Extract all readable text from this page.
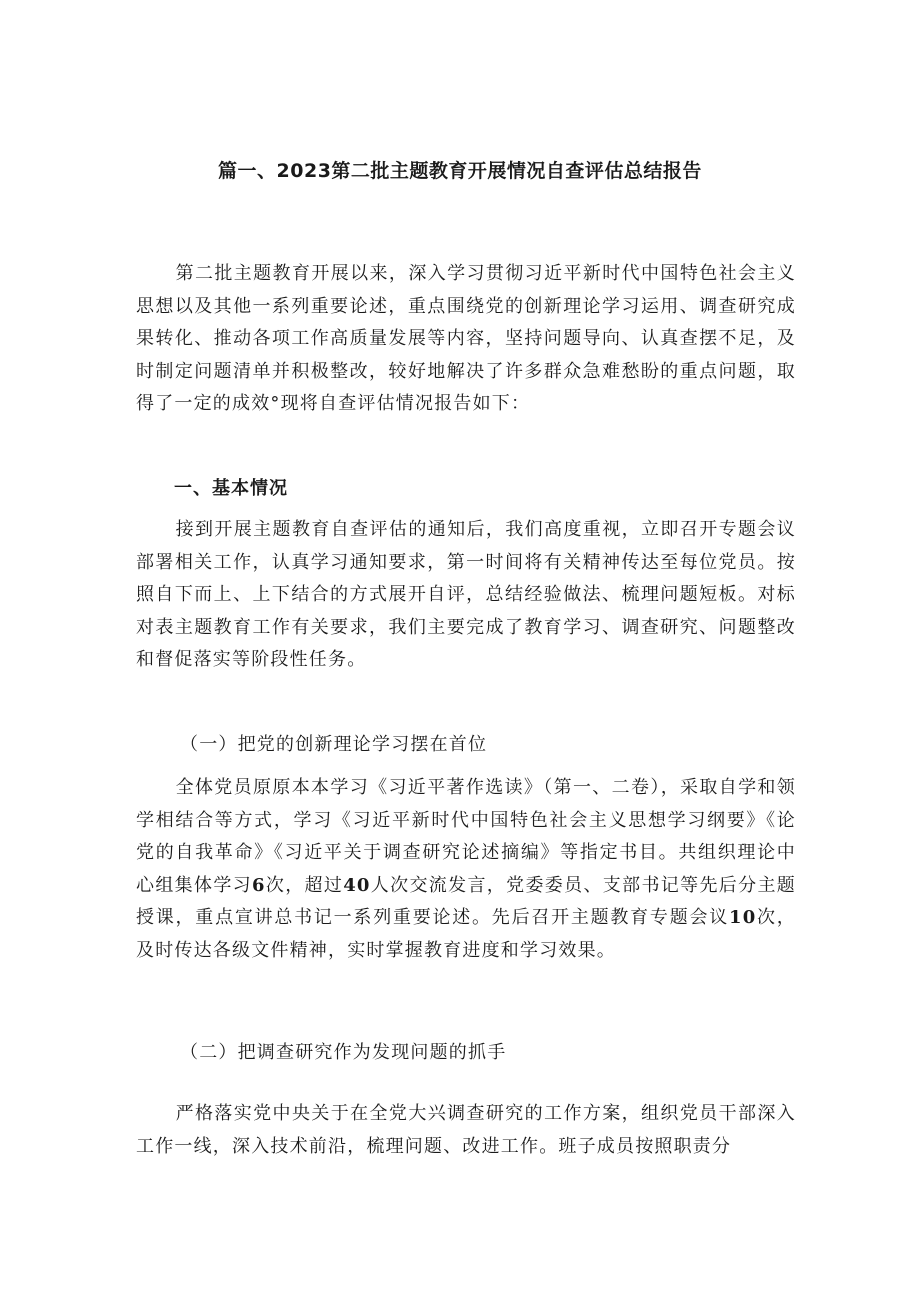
篇一、2023第二批主题教育开展情况自查评估总结报告

第二批主题教育开展以来，深入学习贯彻习近平新时代中国特色社会主义思想以及其他一系列重要论述，重点围绕党的创新理论学习运用、调查研究成果转化、推动各项工作高质量发展等内容，坚持问题导向、认真查摆不足，及时制定问题清单并积极整改，较好地解决了许多群众急难愁盼的重点问题，取得了一定的成效°现将自查评估情况报告如下：

一、基本情况

接到开展主题教育自查评估的通知后，我们高度重视，立即召开专题会议部署相关工作，认真学习通知要求，第一时间将有关精神传达至每位党员。按照自下而上、上下结合的方式展开自评，总结经验做法、梳理问题短板。对标对表主题教育工作有关要求，我们主要完成了教育学习、调查研究、问题整改和督促落实等阶段性任务。

（一）把党的创新理论学习摆在首位

全体党员原原本本学习《习近平著作选读》（第一、二卷），采取自学和领学相结合等方式，学习《习近平新时代中国特色社会主义思想学习纲要》《论党的自我革命》《习近平关于调查研究论述摘编》等指定书目。共组织理论中心组集体学习6次，超过40人次交流发言，党委委员、支部书记等先后分主题授课，重点宣讲总书记一系列重要论述。先后召开主题教育专题会议10次，及时传达各级文件精神，实时掌握教育进度和学习效果。

（二）把调查研究作为发现问题的抓手

严格落实党中央关于在全党大兴调查研究的工作方案，组织党员干部深入工作一线，深入技术前沿，梳理问题、改进工作。班子成员按照职责分
